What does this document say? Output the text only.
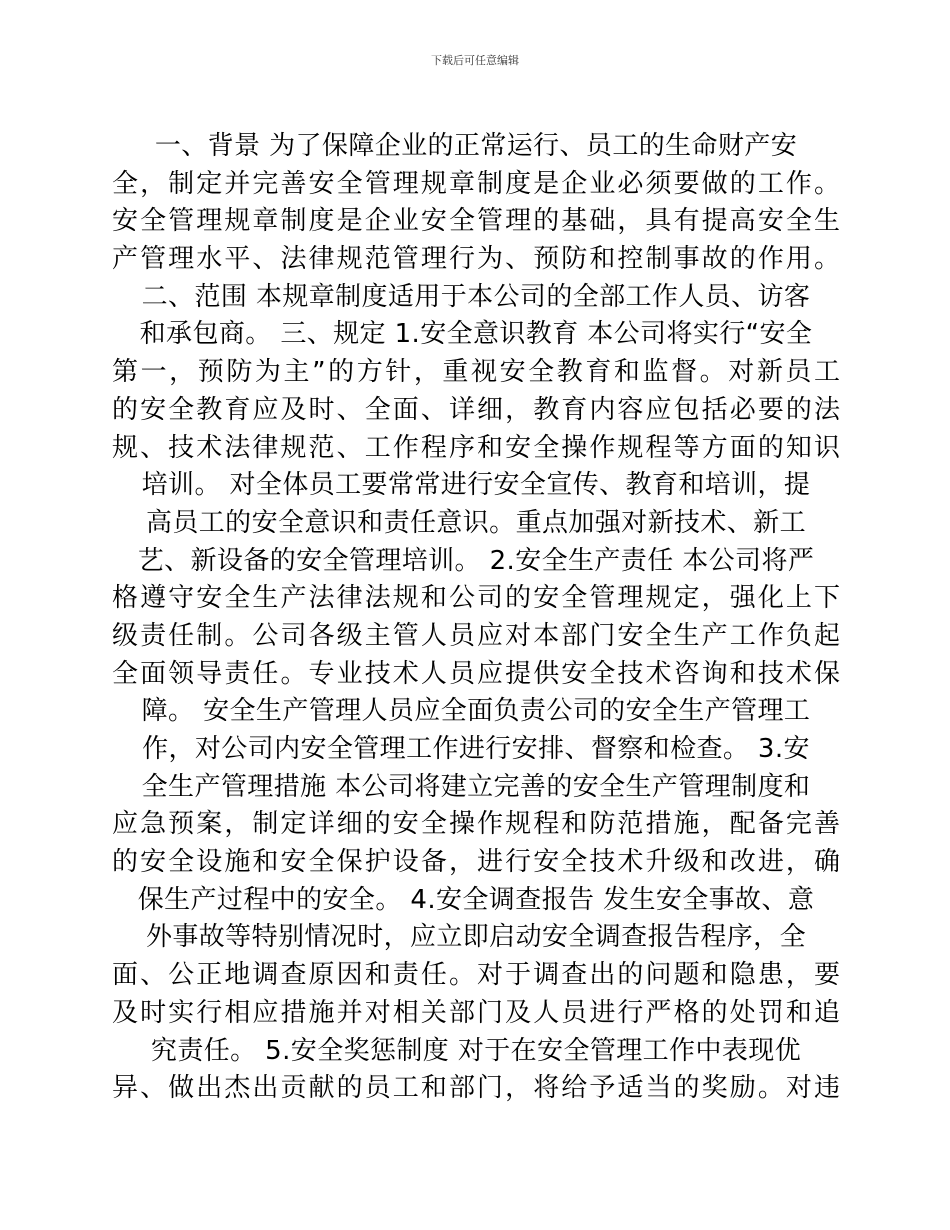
下载后可任意编辑
一、背景 为了保障企业的正常运行、员工的生命财产安
全，制定并完善安全管理规章制度是企业必须要做的工作。
安全管理规章制度是企业安全管理的基础，具有提高安全生
产管理水平、法律规范管理行为、预防和控制事故的作用。
二、范围 本规章制度适用于本公司的全部工作人员、访客
和承包商。 三、规定 1.安全意识教育 本公司将实行“安全
第一，预防为主”的方针，重视安全教育和监督。对新员工
的安全教育应及时、全面、详细，教育内容应包括必要的法
规、技术法律规范、工作程序和安全操作规程等方面的知识
培训。 对全体员工要常常进行安全宣传、教育和培训，提
高员工的安全意识和责任意识。重点加强对新技术、新工
艺、新设备的安全管理培训。 2.安全生产责任 本公司将严
格遵守安全生产法律法规和公司的安全管理规定，强化上下
级责任制。公司各级主管人员应对本部门安全生产工作负起
全面领导责任。专业技术人员应提供安全技术咨询和技术保
障。 安全生产管理人员应全面负责公司的安全生产管理工
作，对公司内安全管理工作进行安排、督察和检查。 3.安
全生产管理措施 本公司将建立完善的安全生产管理制度和
应急预案，制定详细的安全操作规程和防范措施，配备完善
的安全设施和安全保护设备，进行安全技术升级和改进，确
保生产过程中的安全。 4.安全调查报告 发生安全事故、意
外事故等特别情况时，应立即启动安全调查报告程序，全
面、公正地调查原因和责任。对于调查出的问题和隐患，要
及时实行相应措施并对相关部门及人员进行严格的处罚和追
究责任。 5.安全奖惩制度 对于在安全管理工作中表现优
异、做出杰出贡献的员工和部门，将给予适当的奖励。对违
